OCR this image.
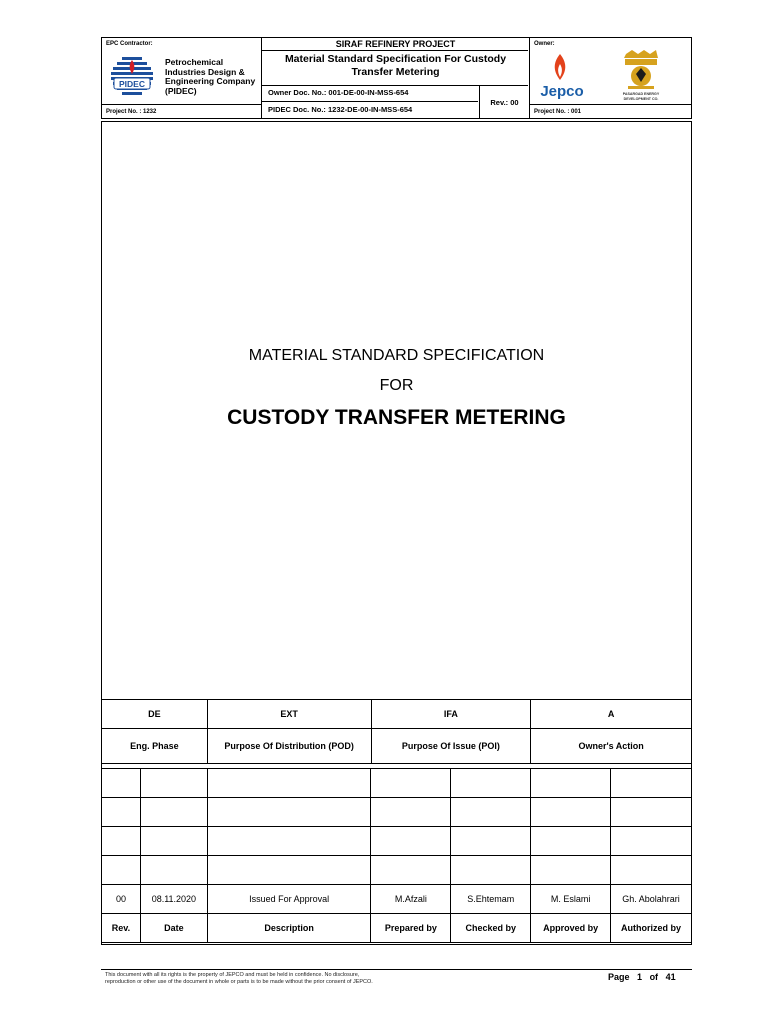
EPC Contractor:
PIDEC
Petrochemical
Industries Design &
Engineering Company
(PIDEC)
Project No. : 1232
SIRAF REFINERY PROJECT
Material Standard Specification For Custody
Transfer Metering
Owner Doc. No.: 001-DE-00-IN-MSS-654
PIDEC Doc. No.: 1232-DE-00-IN-MSS-654
Rev.: 00
Owner:
Jepco	PASARGAD ENERGY
DEVELOPMENT CO.
Project No. : 001
MATERIAL STANDARD SPECIFICATION
FOR
CUSTODY TRANSFER METERING
DE	EXT	IFA	A
Eng. Phase	Purpose Of Distribution (POD)	Purpose Of Issue (POI)	Owner's Action

00	08.11.2020	Issued For Approval	M.Afzali	S.Ehtemam	M. Eslami	Gh. Abolahrari
Rev.	Date	Description	Prepared by	Checked by	Approved by	Authorized by
This document with all its rights is the property of JEPCO and must be held in confidence. No disclosure,
reproduction or other use of the document in whole or parts is to be made without the prior consent of JEPCO.	Page 1 of 41
